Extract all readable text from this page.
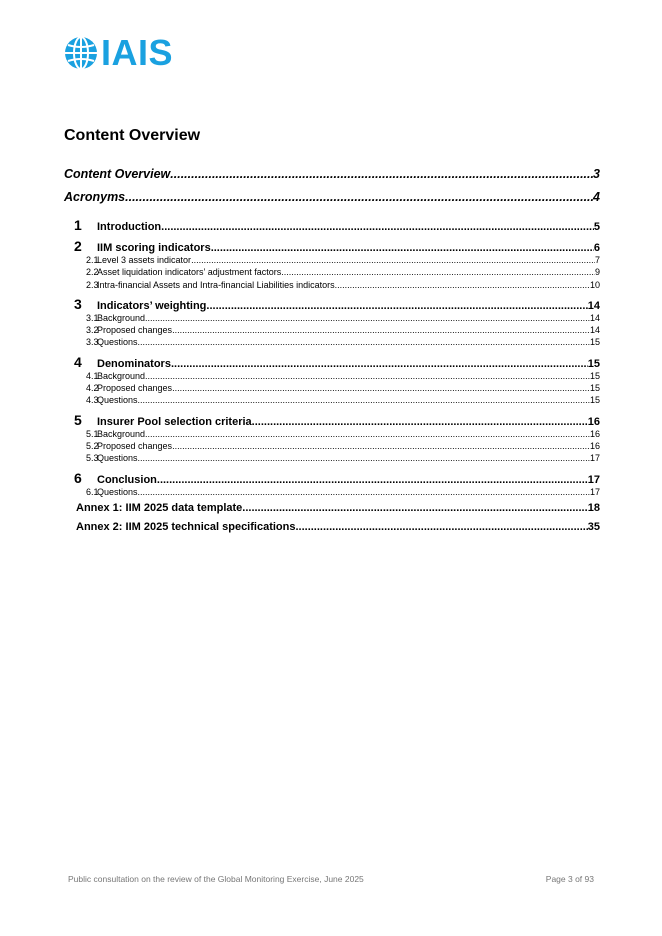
IAIS
Content Overview
Content Overview .....	3
Acronyms .....	4
1 Introduction .....	5
2 IIM scoring indicators .....	6
2.1Level 3 assets indicator .....	7
2.2Asset liquidation indicators’ adjustment factors .....	9
2.3Intra-financial Assets and Intra-financial Liabilities indicators .....	10
3 Indicators’ weighting .....	14
3.1Background .....	14
3.2Proposed changes .....	14
3.3Questions .....	15
4 Denominators .....	15
4.1Background .....	15
4.2Proposed changes .....	15
4.3Questions .....	15
5 Insurer Pool selection criteria .....	16
5.1Background .....	16
5.2Proposed changes .....	16
5.3Questions .....	17
6 Conclusion .....	17
6.1Questions .....	17
Annex 1: IIM 2025 data template .....	18
Annex 2: IIM 2025 technical specifications .....	35
Public consultation on the review of the Global Monitoring Exercise, June 2025	Page 3 of 93
